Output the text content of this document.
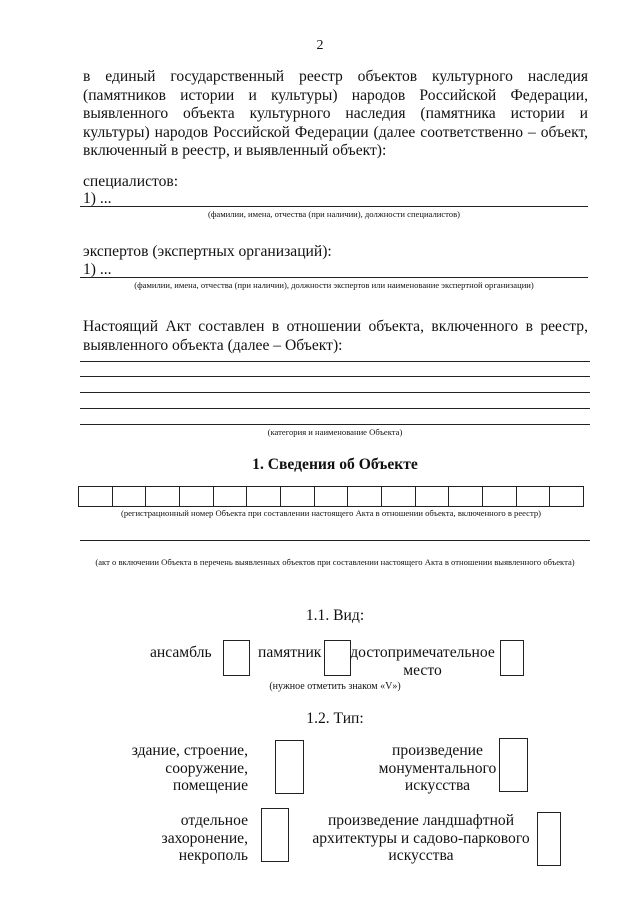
2
в единый государственный реестр объектов культурного наследия (памятников истории и культуры) народов Российской Федерации, выявленного объекта культурного наследия (памятника истории и культуры) народов Российской Федерации (далее соответственно – объект, включенный в реестр, и выявленный объект):
специалистов:
1) ...
(фамилии, имена, отчества (при наличии), должности специалистов)
экспертов (экспертных организаций):
1) ...
(фамилии, имена, отчества (при наличии), должности экспертов или наименование экспертной организации)
Настоящий Акт составлен в отношении объекта, включенного в реестр, выявленного объекта (далее – Объект):
(категория и наименование Объекта)
1. Сведения об Объекте
(регистрационный номер Объекта при составлении настоящего Акта в отношении объекта, включенного в реестр)
(акт о включении Объекта в перечень выявленных объектов при составлении настоящего Акта в отношении выявленного объекта)
1.1. Вид:
ансамбль	памятник достопримечательное место
(нужное отметить знаком «V»)
1.2. Тип:
здание, строение,
сооружение,
помещение
произведение
монументального
искусства
отдельное
захоронение,
некрополь
произведение ландшафтной
архитектуры и садово-паркового
искусства
